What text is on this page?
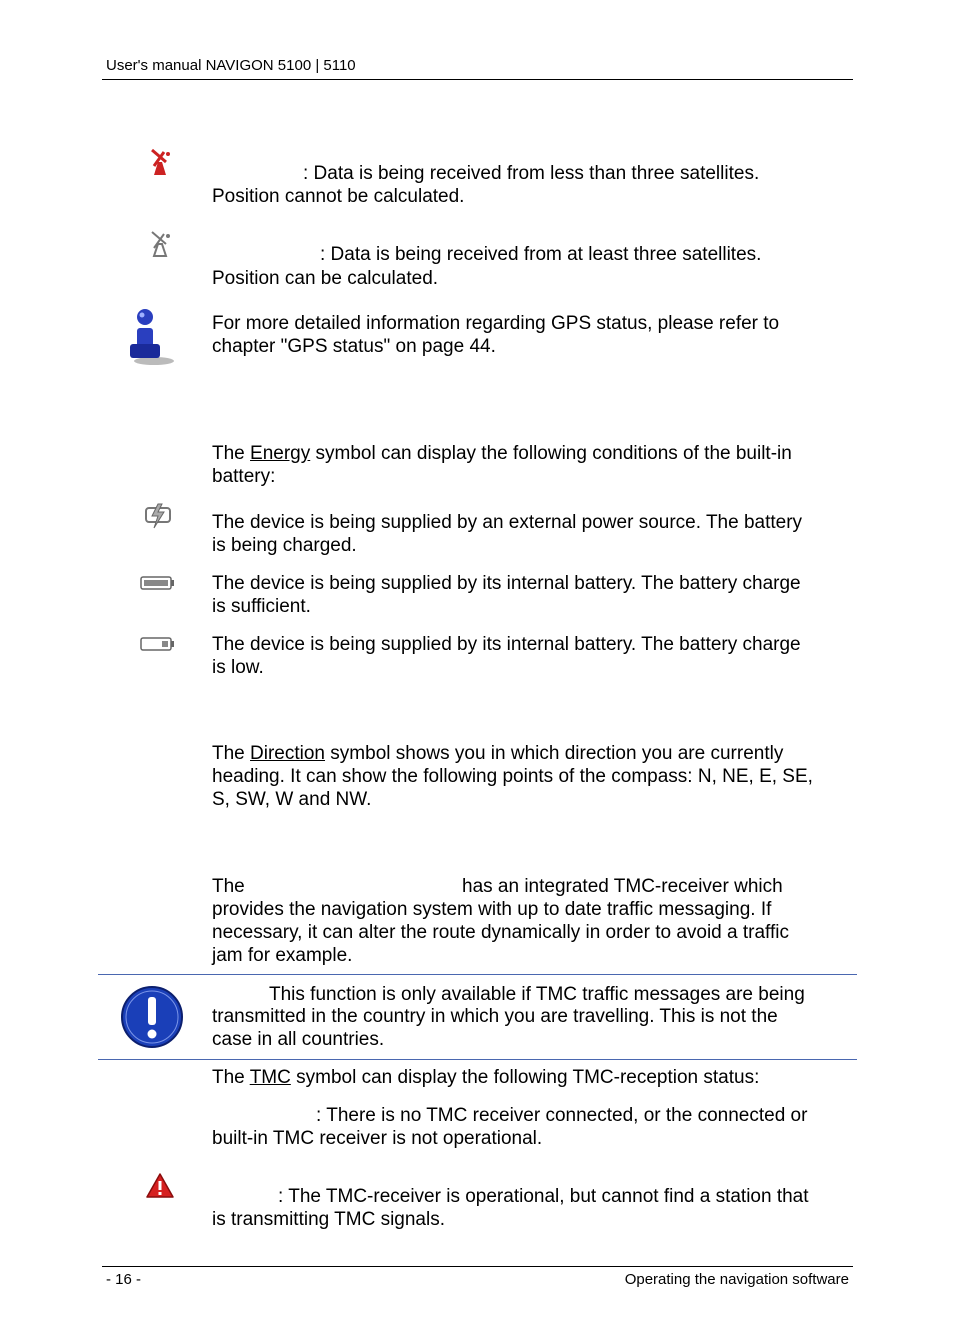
User's manual NAVIGON 5100 | 5110
: Data is being received from less than three satellites.
Position cannot be calculated.
: Data is being received from at least three satellites.
Position can be calculated.
For more detailed information regarding GPS status, please refer to
chapter "GPS status" on page 44.
The Energy symbol can display the following conditions of the built-in
battery:
The device is being supplied by an external power source. The battery
is being charged.
The device is being supplied by its internal battery. The battery charge
is sufficient.
The device is being supplied by its internal battery. The battery charge
is low.
The Direction symbol shows you in which direction you are currently
heading. It can show the following points of the compass: N, NE, E, SE,
S, SW, W and NW.
The	has an integrated TMC-receiver which
provides the navigation system with up to date traffic messaging. If
necessary, it can alter the route dynamically in order to avoid a traffic
jam for example.
This function is only available if TMC traffic messages are being
transmitted in the country in which you are travelling. This is not the
case in all countries.
The TMC symbol can display the following TMC-reception status:
: There is no TMC receiver connected, or the connected or
built-in TMC receiver is not operational.
: The TMC-receiver is operational, but cannot find a station that
is transmitting TMC signals.
- 16 -	Operating the navigation software
